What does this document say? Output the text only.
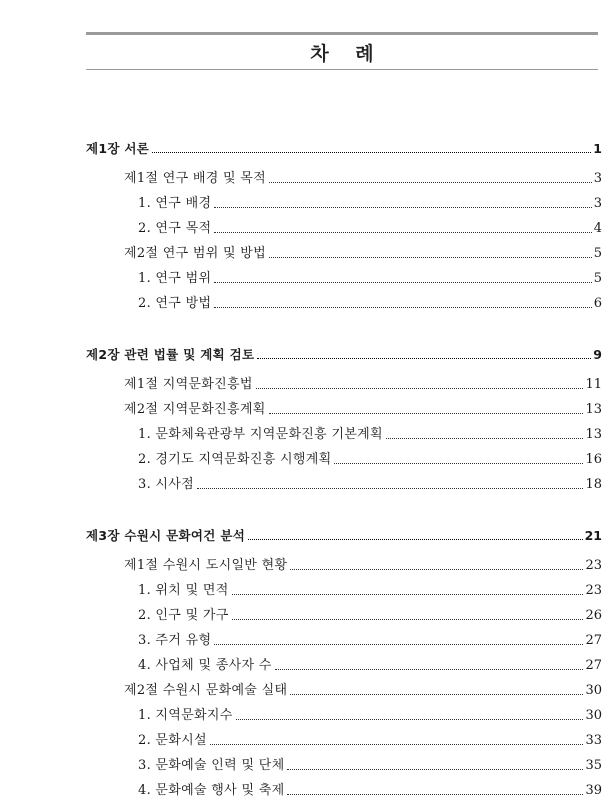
차 례
제1장 서론	1
제1절 연구 배경 및 목적	3
1. 연구 배경	3
2. 연구 목적	4
제2절 연구 범위 및 방법	5
1. 연구 범위	5
2. 연구 방법	6
제2장 관련 법률 및 계획 검토	9
제1절 지역문화진흥법	11
제2절 지역문화진흥계획	13
1. 문화체육관광부 지역문화진흥 기본계획	13
2. 경기도 지역문화진흥 시행계획	16
3. 시사점	18
제3장 수원시 문화여건 분석	21
제1절 수원시 도시일반 현황	23
1. 위치 및 면적	23
2. 인구 및 가구	26
3. 주거 유형	27
4. 사업체 및 종사자 수	27
제2절 수원시 문화예술 실태	30
1. 지역문화지수	30
2. 문화시설	33
3. 문화예술 인력 및 단체	35
4. 문화예술 행사 및 축제	39
